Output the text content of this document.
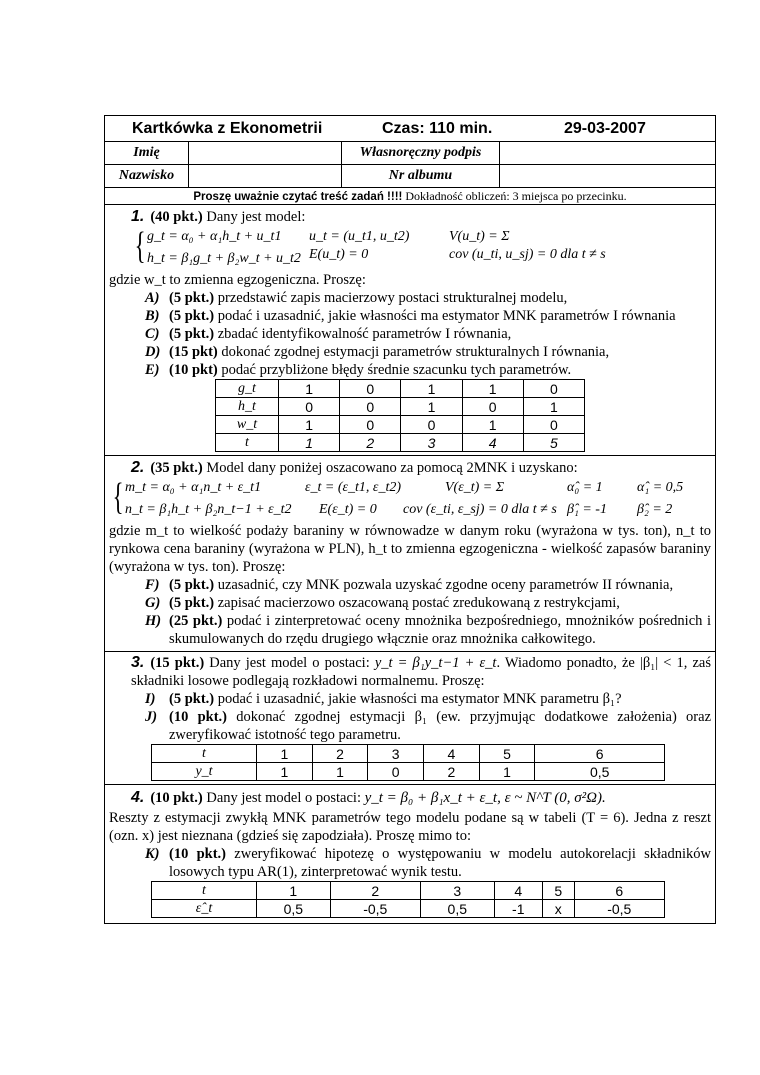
Kartkówka z Ekonometrii	Czas: 110 min.	29-03-2007
Imię	Własnoręczny podpis
Nazwisko	Nr albumu
Proszę uważnie czytać treść zadań !!!! Dokładność obliczeń: 3 miejsca po przecinku.
1. (40 pkt.) Dany jest model:
{ g_t = α₀ + α₁h_t + u_t1
h_t = β₁g_t + β₂w_t + u_t2
u_t = (u_t1, u_t2)
E(u_t) = 0
V(u_t) = Σ
cov (u_ti, u_sj) = 0 dla t ≠ s
gdzie w_t to zmienna egzogeniczna. Proszę:
A) (5 pkt.) przedstawić zapis macierzowy postaci strukturalnej modelu,
B) (5 pkt.) podać i uzasadnić, jakie własności ma estymator MNK parametrów I równania
C) (5 pkt.) zbadać identyfikowalność parametrów I równania,
D) (15 pkt) dokonać zgodnej estymacji parametrów strukturalnych I równania,
E) (10 pkt) podać przybliżone błędy średnie szacunku tych parametrów.
g_t	1	0	1	1	0
h_t	0	0	1	0	1
w_t	1	0	0	1	0
t	1	2	3	4	5
2. (35 pkt.) Model dany poniżej oszacowano za pomocą 2MNK i uzyskano:
{ m_t = α₀ + α₁n_t + ε_t1
n_t = β₁h_t + β₂n_t−1 + ε_t2
ε_t = (ε_t1, ε_t2)	V(ε_t) = Σ
E(ε_t) = 0 cov (ε_ti, ε_sj) = 0 dla t ≠ s
α̂₀ = 1 α̂₁ = 0,5
β̂₁ = -1 β̂₂ = 2
gdzie m_t to wielkość podaży baraniny w równowadze w danym roku (wyrażona w tys. ton), n_t to rynkowa cena baraniny (wyrażona w PLN), h_t to zmienna egzogeniczna - wielkość zapasów baraniny (wyrażona w tys. ton). Proszę:
F) (5 pkt.) uzasadnić, czy MNK pozwala uzyskać zgodne oceny parametrów II równania,
G) (5 pkt.) zapisać macierzowo oszacowaną postać zredukowaną z restrykcjami,
H) (25 pkt.) podać i zinterpretować oceny mnożnika bezpośredniego, mnożników pośrednich i skumulowanych do rzędu drugiego włącznie oraz mnożnika całkowitego.
3. (15 pkt.) Dany jest model o postaci: y_t = β₁y_t−1 + ε_t. Wiadomo ponadto, że |β₁| < 1, zaś składniki losowe podlegają rozkładowi normalnemu. Proszę:
I) (5 pkt.) podać i uzasadnić, jakie własności ma estymator MNK parametru β₁?
J) (10 pkt.) dokonać zgodnej estymacji β₁ (ew. przyjmując dodatkowe założenia) oraz zweryfikować istotność tego parametru.
t	1	2	3	4	5	6
y_t	1	1	0	2	1	0,5
4. (10 pkt.) Dany jest model o postaci: y_t = β₀ + β₁x_t + ε_t, ε ~ N^T (0, σ²Ω).
Reszty z estymacji zwykłą MNK parametrów tego modelu podane są w tabeli (T = 6). Jedna z reszt (ozn. x) jest nieznana (gdzieś się zapodziała). Proszę mimo to:
K) (10 pkt.) zweryfikować hipotezę o występowaniu w modelu autokorelacji składników losowych typu AR(1), zinterpretować wynik testu.
t	1	2	3	4	5	6
ε̂_t	0,5	-0,5	0,5	-1	x	-0,5
